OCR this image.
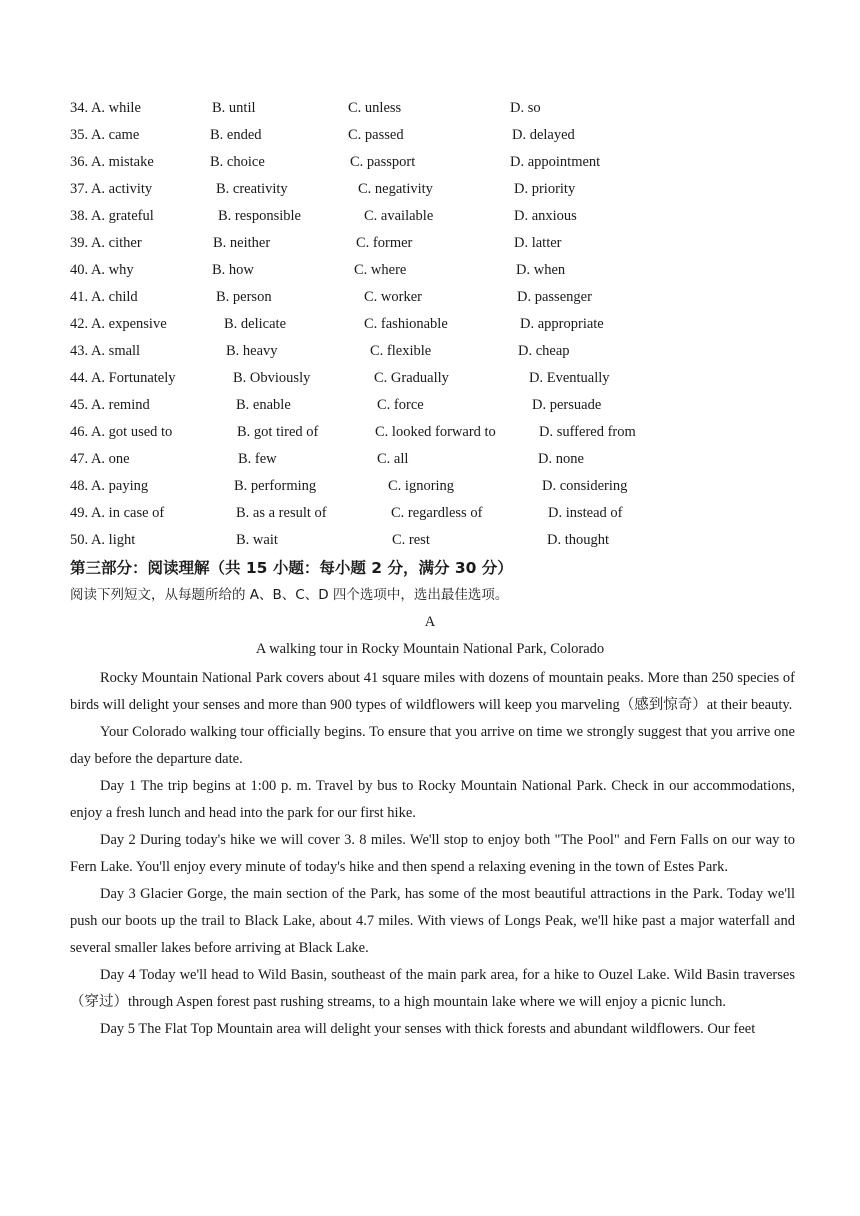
34. A. while	B. until	C. unless	D. so
35. A. came	B. ended	C. passed	D. delayed
36. A. mistake	B. choice	C. passport	D. appointment
37. A. activity	B. creativity	C. negativity	D. priority
38. A. grateful	B. responsible	C. available	D. anxious
39. A. cither	B. neither	C. former	D. latter
40. A. why	B. how	C. where	D. when
41. A. child	B. person	C. worker	D. passenger
42. A. expensive	B. delicate	C. fashionable	D. appropriate
43. A. small	B. heavy	C. flexible	D. cheap
44. A. Fortunately	B. Obviously	C. Gradually	D. Eventually
45. A. remind	B. enable	C. force	D. persuade
46. A. got used to	B. got tired of	C. looked forward to	D. suffered from
47. A. one	B. few	C. all	D. none
48. A. paying	B. performing	C. ignoring	D. considering
49. A. in case of	B. as a result of	C. regardless of	D. instead of
50. A. light	B. wait	C. rest	D. thought
第三部分：阅读理解（共 15 小题：每小题 2 分，满分 30 分）
阅读下列短文，从每题所给的 A、B、C、D 四个选项中，选出最佳选项。
A
A walking tour in Rocky Mountain National Park, Colorado

Rocky Mountain National Park covers about 41 square miles with dozens of mountain peaks. More than 250 species of birds will delight your senses and more than 900 types of wildflowers will keep you marveling（感到惊奇）at their beauty.

Your Colorado walking tour officially begins. To ensure that you arrive on time we strongly suggest that you arrive one day before the departure date.

Day 1 The trip begins at 1:00 p. m. Travel by bus to Rocky Mountain National Park. Check in our accommodations, enjoy a fresh lunch and head into the park for our first hike.

Day 2 During today's hike we will cover 3. 8 miles. We'll stop to enjoy both "The Pool" and Fern Falls on our way to Fern Lake. You'll enjoy every minute of today's hike and then spend a relaxing evening in the town of Estes Park.

Day 3 Glacier Gorge, the main section of the Park, has some of the most beautiful attractions in the Park. Today we'll push our boots up the trail to Black Lake, about 4.7 miles. With views of Longs Peak, we'll hike past a major waterfall and several smaller lakes before arriving at Black Lake.

Day 4 Today we'll head to Wild Basin, southeast of the main park area, for a hike to Ouzel Lake. Wild Basin traverses（穿过）through Aspen forest past rushing streams, to a high mountain lake where we will enjoy a picnic lunch.

Day 5 The Flat Top Mountain area will delight your senses with thick forests and abundant wildflowers. Our feet
